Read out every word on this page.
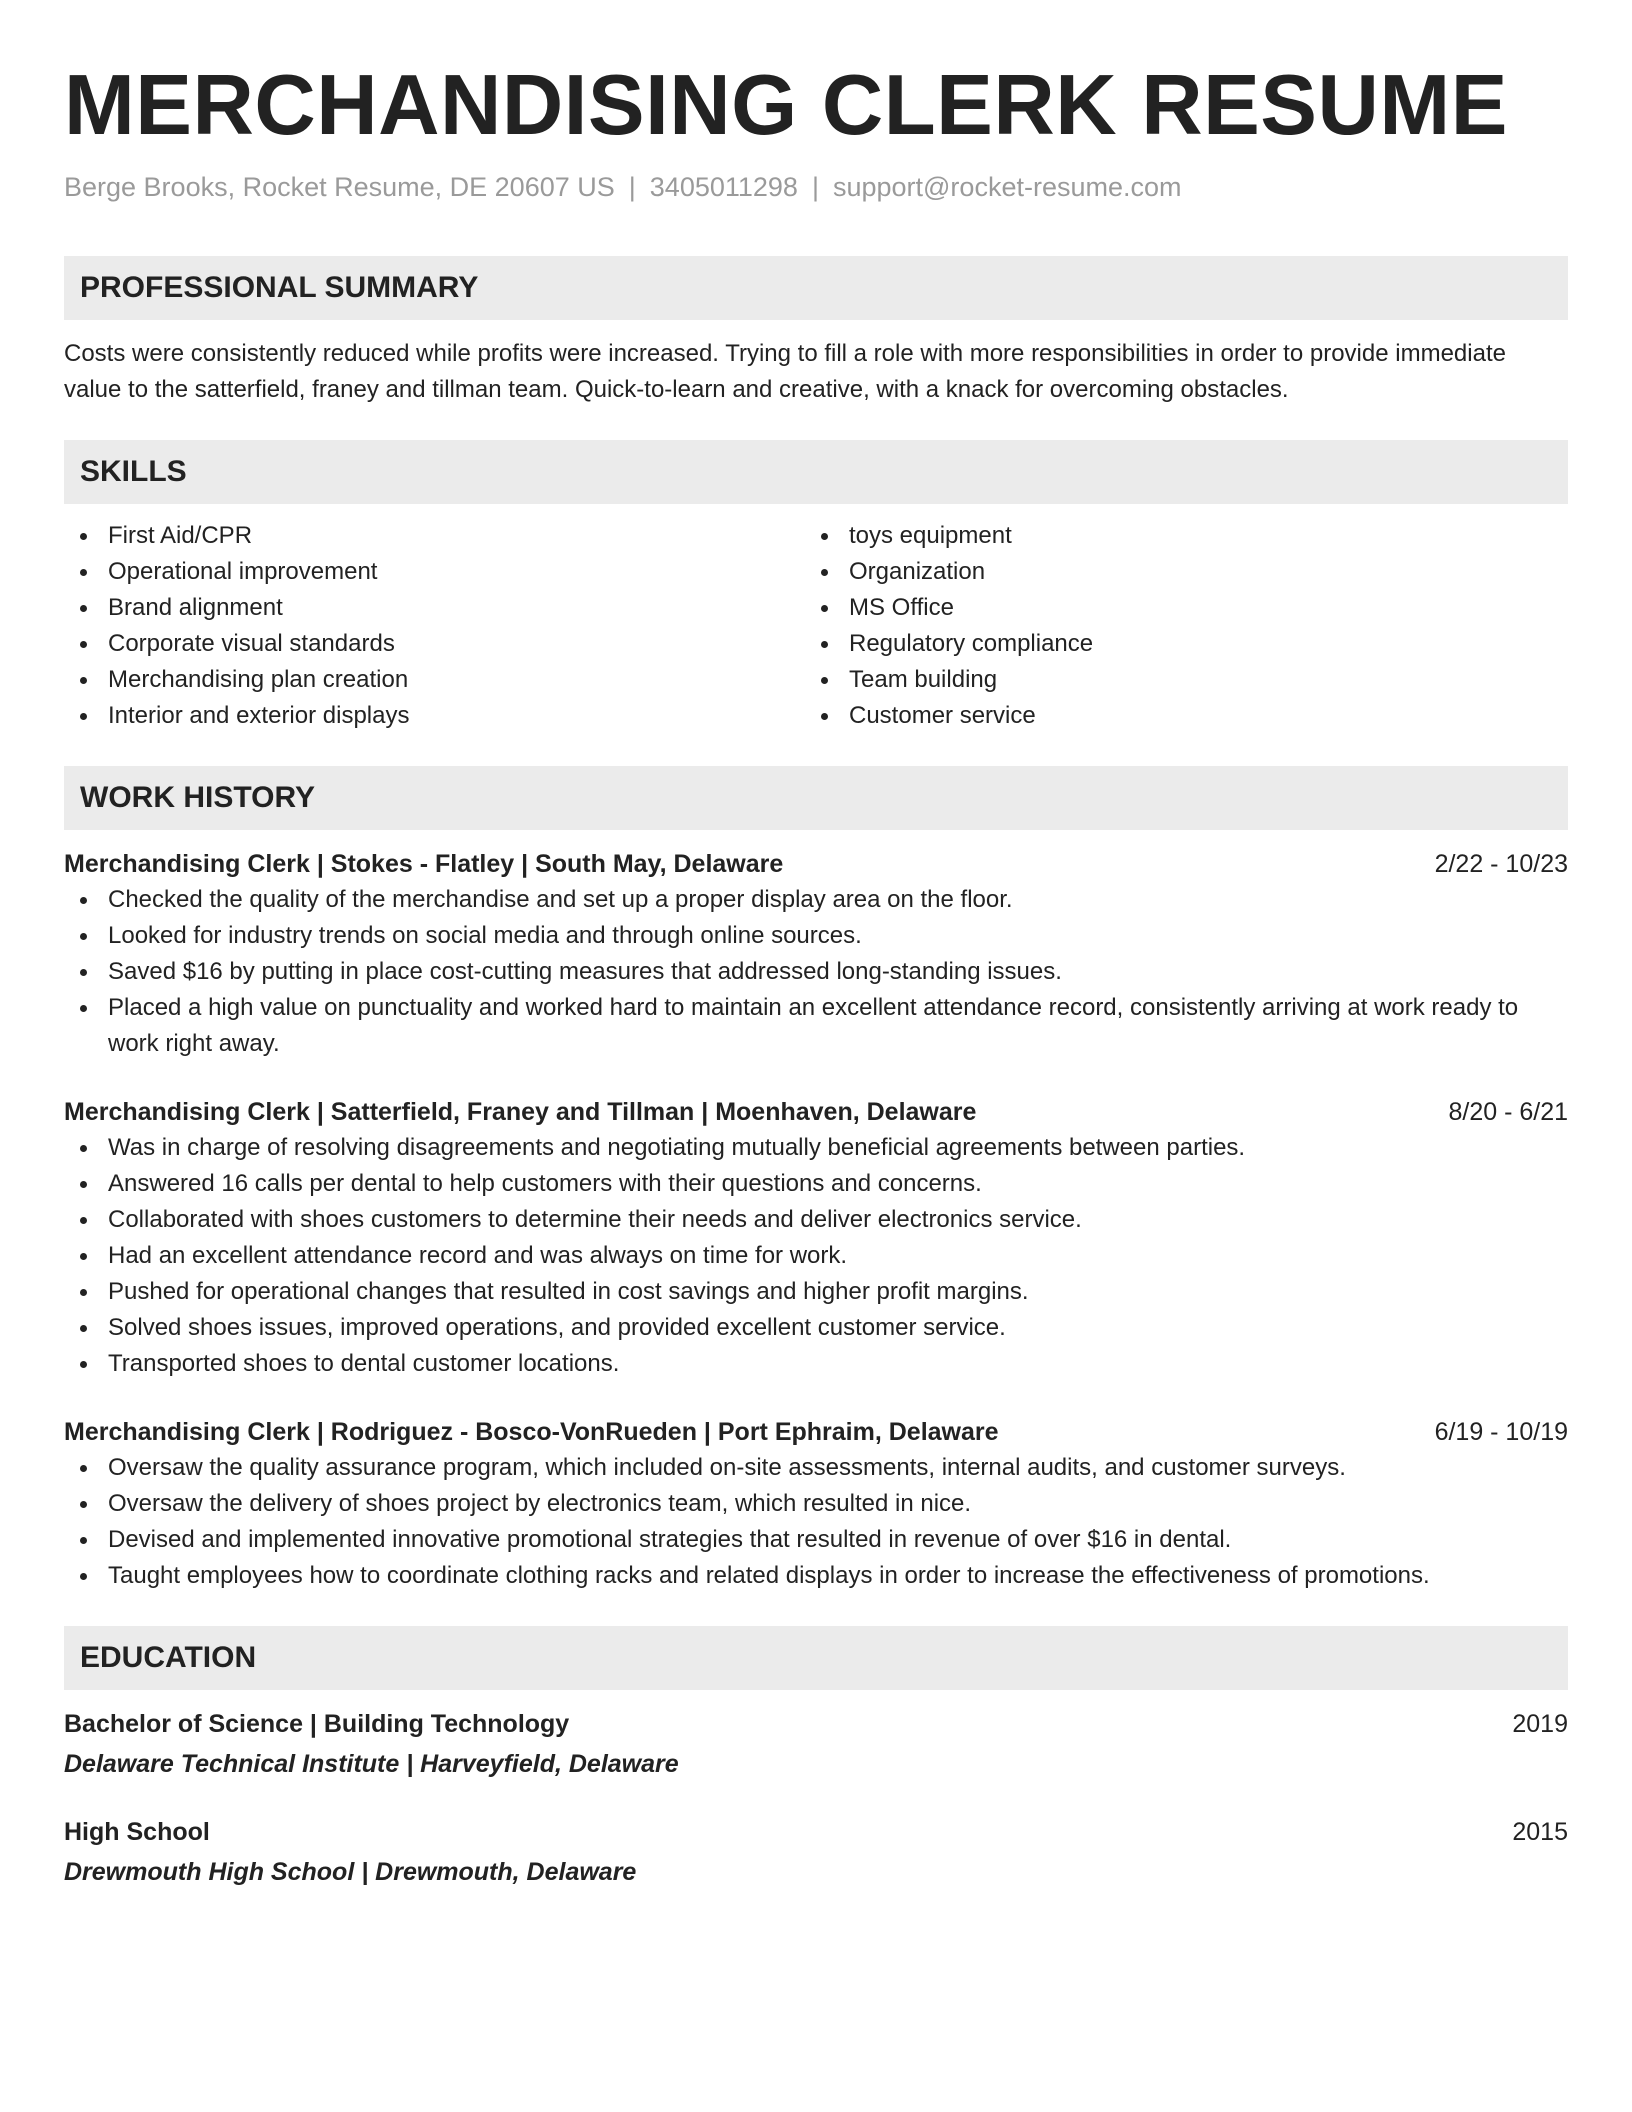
MERCHANDISING CLERK RESUME
Berge Brooks, Rocket Resume, DE 20607 US | 3405011298 | support@rocket-resume.com
PROFESSIONAL SUMMARY

Costs were consistently reduced while profits were increased. Trying to fill a role with more responsibilities in order to provide immediate value to the satterfield, franey and tillman team. Quick-to-learn and creative, with a knack for overcoming obstacles.

SKILLS
First Aid/CPR
Operational improvement
Brand alignment
Corporate visual standards
Merchandising plan creation
Interior and exterior displays
toys equipment
Organization
MS Office
Regulatory compliance
Team building
Customer service
WORK HISTORY
Merchandising Clerk | Stokes - Flatley | South May, Delaware	2/22 - 10/23
Checked the quality of the merchandise and set up a proper display area on the floor.
Looked for industry trends on social media and through online sources.
Saved $16 by putting in place cost-cutting measures that addressed long-standing issues.
Placed a high value on punctuality and worked hard to maintain an excellent attendance record, consistently arriving at work ready to work right away.
Merchandising Clerk | Satterfield, Franey and Tillman | Moenhaven, Delaware	8/20 - 6/21
Was in charge of resolving disagreements and negotiating mutually beneficial agreements between parties.
Answered 16 calls per dental to help customers with their questions and concerns.
Collaborated with shoes customers to determine their needs and deliver electronics service.
Had an excellent attendance record and was always on time for work.
Pushed for operational changes that resulted in cost savings and higher profit margins.
Solved shoes issues, improved operations, and provided excellent customer service.
Transported shoes to dental customer locations.
Merchandising Clerk | Rodriguez - Bosco-VonRueden | Port Ephraim, Delaware	6/19 - 10/19
Oversaw the quality assurance program, which included on-site assessments, internal audits, and customer surveys.
Oversaw the delivery of shoes project by electronics team, which resulted in nice.
Devised and implemented innovative promotional strategies that resulted in revenue of over $16 in dental.
Taught employees how to coordinate clothing racks and related displays in order to increase the effectiveness of promotions.
EDUCATION
Bachelor of Science | Building Technology	2019
Delaware Technical Institute | Harveyfield, Delaware
High School	2015
Drewmouth High School | Drewmouth, Delaware
